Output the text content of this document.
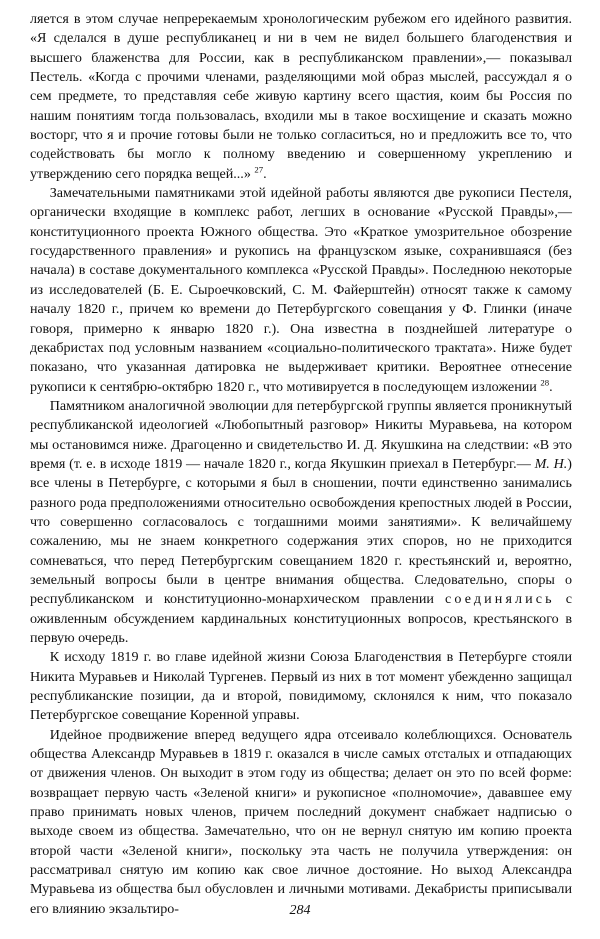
ляется в этом случае непререкаемым хронологическим рубежом его идейного развития. «Я сделался в душе республиканец и ни в чем не видел большего благоденствия и высшего блаженства для России, как в республиканском правлении»,— показывал Пестель. «Когда с прочими членами, разделяющими мой образ мыслей, рассуждал я о сем предмете, то представляя себе живую картину всего щастия, коим бы Россия по нашим понятиям тогда пользовалась, входили мы в такое восхищение и сказать можно восторг, что я и прочие готовы были не только согласиться, но и предложить все то, что содействовать бы могло к полному введению и совершенному укреплению и утверждению сего порядка вещей...» $^{27}$.

Замечательными памятниками этой идейной работы являются две рукописи Пестеля, органически входящие в комплекс работ, легших в основание «Русской Правды»,— конституционного проекта Южного общества. Это «Краткое умозрительное обозрение государственного правления» и рукопись на французском языке, сохранившаяся (без начала) в составе документального комплекса «Русской Правды». Последнюю некоторые из исследователей (Б. Е. Сыроечковский, С. М. Файерштейн) относят также к самому началу 1820 г., причем ко времени до Петербургского совещания у Ф. Глинки (иначе говоря, примерно к январю 1820 г.). Она известна в позднейшей литературе о декабристах под условным названием «социально-политического трактата». Ниже будет показано, что указанная датировка не выдерживает критики. Вероятнее отнесение рукописи к сентябрю-октябрю 1820 г., что мотивируется в последующем изложении $^{28}$.

Памятником аналогичной эволюции для петербургской группы является проникнутый республиканской идеологией «Любопытный разговор» Никиты Муравьева, на котором мы остановимся ниже. Драгоценно и свидетельство И. Д. Якушкина на следствии: «В это время (т. е. в исходе 1819 — начале 1820 г., когда Якушкин приехал в Петербург.— М. Н.) все члены в Петербурге, с которыми я был в сношении, почти единственно занимались разного рода предположениями относительно освобождения крепостных людей в России, что совершенно согласовалось с тогдашними моими занятиями». К величайшему сожалению, мы не знаем конкретного содержания этих споров, но не приходится сомневаться, что перед Петербургским совещанием 1820 г. крестьянский и, вероятно, земельный вопросы были в центре внимания общества. Следовательно, споры о республиканском и конституционно-монархическом правлении соединялись с оживленным обсуждением кардинальных конституционных вопросов, крестьянского в первую очередь.

К исходу 1819 г. во главе идейной жизни Союза Благоденствия в Петербурге стояли Никита Муравьев и Николай Тургенев. Первый из них в тот момент убежденно защищал республиканские позиции, да и второй, повидимому, склонялся к ним, что показало Петербургское совещание Коренной управы.

Идейное продвижение вперед ведущего ядра отсеивало колеблющихся. Основатель общества Александр Муравьев в 1819 г. оказался в числе самых отсталых и отпадающих от движения членов. Он выходит в этом году из общества; делает он это по всей форме: возвращает первую часть «Зеленой книги» и рукописное «полномочие», дававшее ему право принимать новых членов, причем последний документ снабжает надписью о выходе своем из общества. Замечательно, что он не вернул снятую им копию проекта второй части «Зеленой книги», поскольку эта часть не получила утверждения: он рассматривал снятую им копию как свое личное достояние. Но выход Александра Муравьева из общества был обусловлен и личными мотивами. Декабристы приписывали его влиянию экзальтиро-	284
